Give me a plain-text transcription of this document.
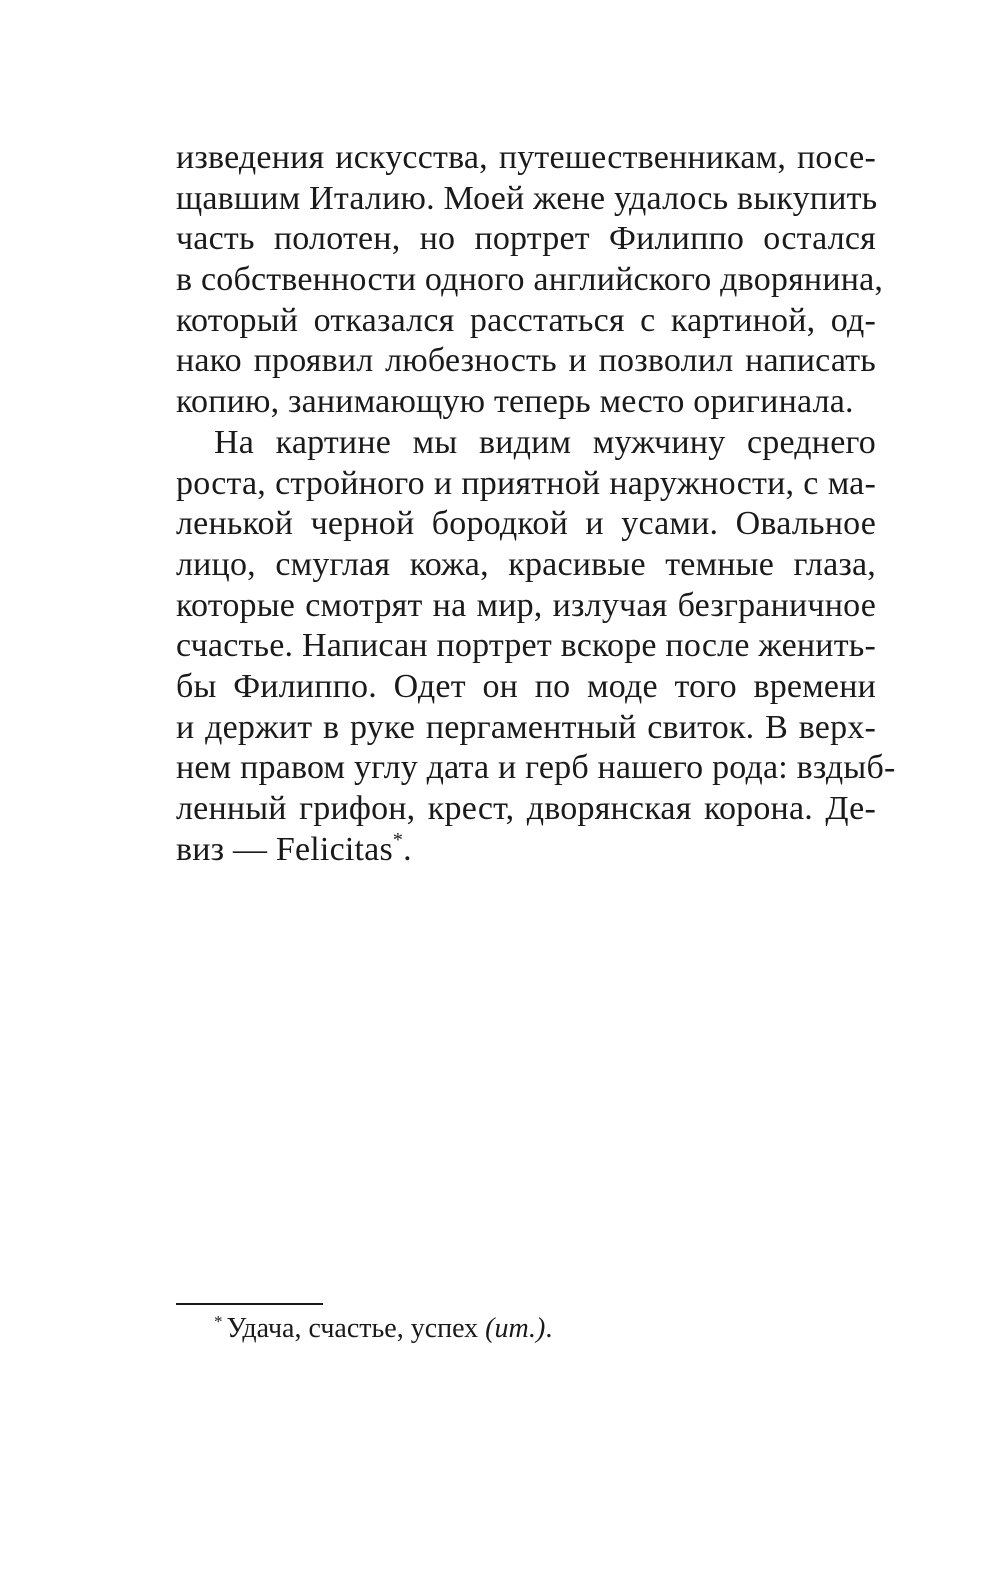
изведения искусства, путешественникам, посе-
щавшим Италию. Моей жене удалось выкупить
часть полотен, но портрет Филиппо остался
в собственности одного английского дворянина,
который отказался расстаться с картиной, од-
нако проявил любезность и позволил написать
копию, занимающую теперь место оригинала.
На картине мы видим мужчину среднего
роста, стройного и приятной наружности, с ма-
ленькой черной бородкой и усами. Овальное
лицо, смуглая кожа, красивые темные глаза,
которые смотрят на мир, излучая безграничное
счастье. Написан портрет вскоре после женить-
бы Филиппо. Одет он по моде того времени
и держит в руке пергаментный свиток. В верх-
нем правом углу дата и герб нашего рода: вздыб-
ленный грифон, крест, дворянская корона. Де-
виз — Felicitas*.
* Удача, счастье, успех (ит.).
